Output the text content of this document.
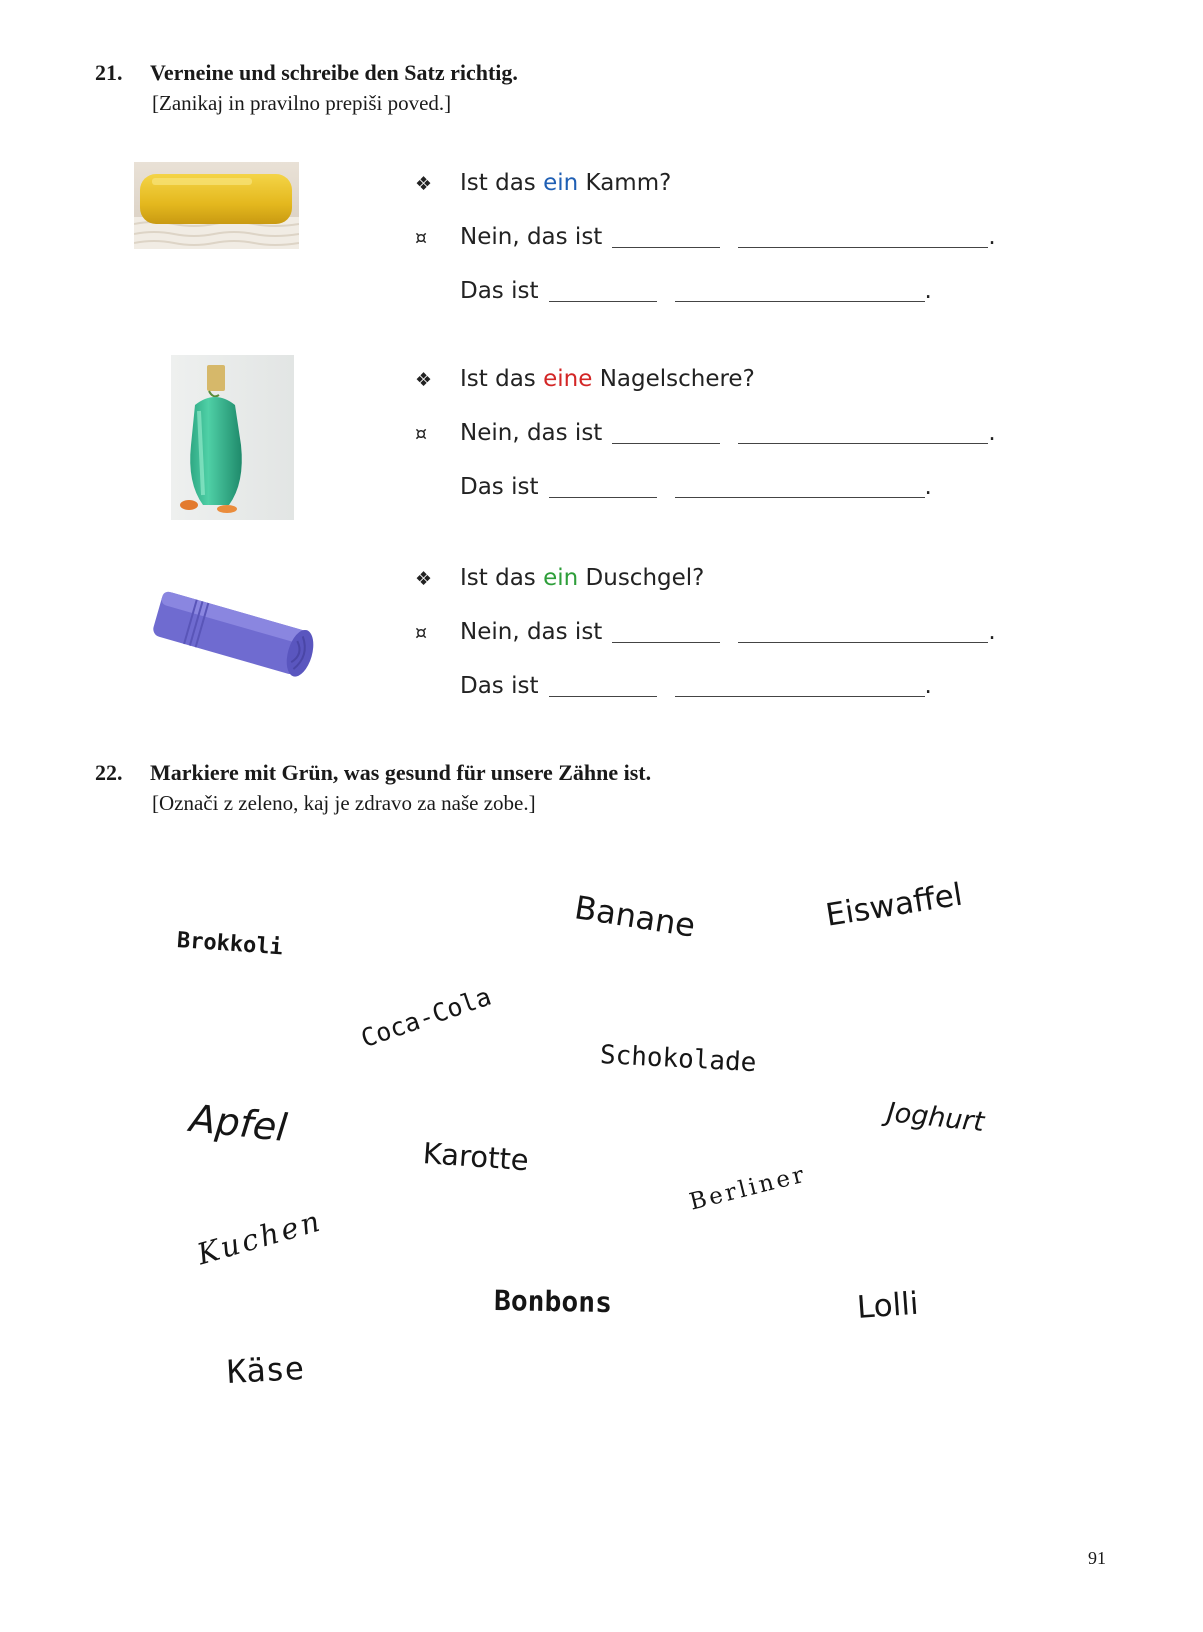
21. Verneine und schreibe den Satz richtig.
[Zanikaj in pravilno prepiši poved.]
❖ Ist das ein Kamm?
¤ Nein, das ist	.
Das ist	.
❖ Ist das eine Nagelschere?
¤ Nein, das ist	.
Das ist	.
❖ Ist das ein Duschgel?
¤ Nein, das ist	.
Das ist	.
22. Markiere mit Grün, was gesund für unsere Zähne ist.
[Označi z zeleno, kaj je zdravo za naše zobe.]
Banane	Eiswaffel
Brokkoli
Coca-Cola
Schokolade
Apfel	Joghurt
Karotte
Berliner
Kuchen
Bonbons	Lolli
Käse
91
